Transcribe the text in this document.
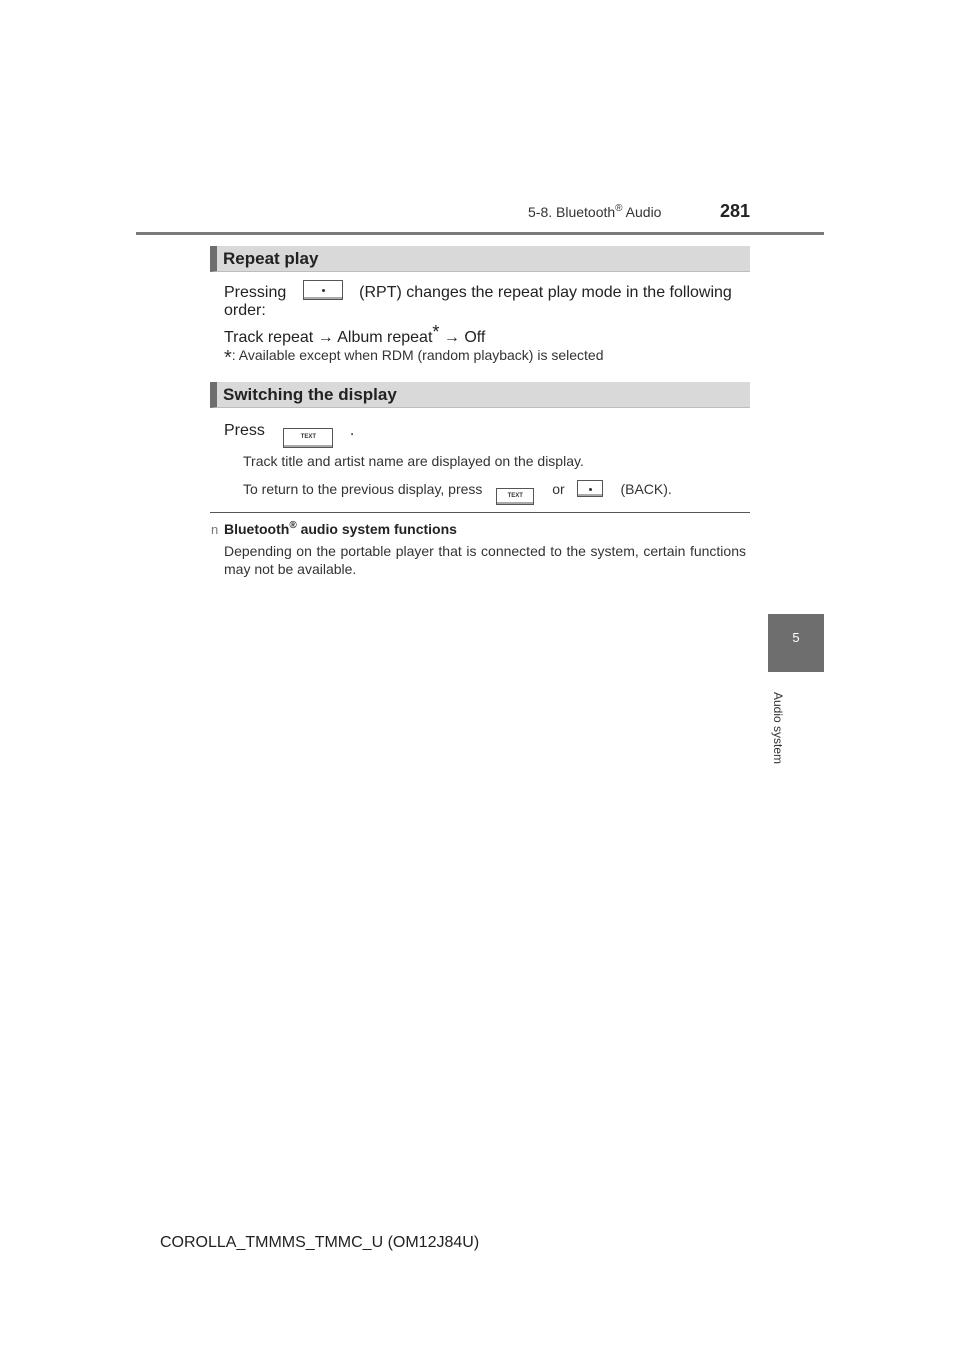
5-8. Bluetooth® Audio	281
Repeat play
Pressing	(RPT) changes the repeat play mode in the following
order:
Track repeat → Album repeat* → Off
*: Available except when RDM (random playback) is selected
Switching the display
Press	TEXT .
Track title and artist name are displayed on the display.
To return to the previous display, press	TEXT or	(BACK).
n Bluetooth® audio system functions
Depending on the portable player that is connected to the system, certain functions may not be available.
5
Audio system
COROLLA_TMMMS_TMMC_U (OM12J84U)
